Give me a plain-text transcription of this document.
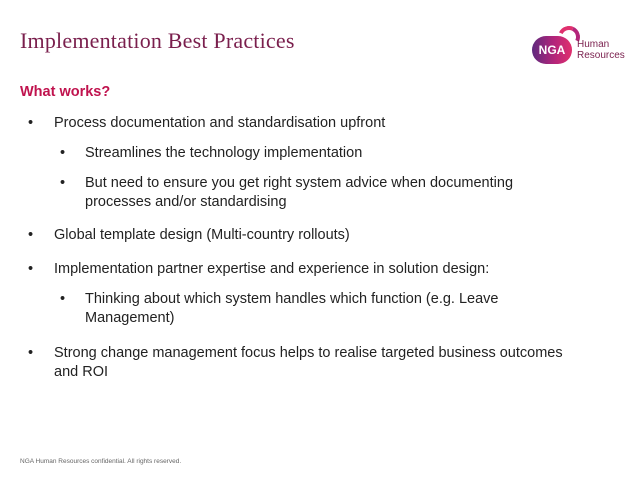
Implementation Best Practices	NGA	Human
Resources
What works?
• Process documentation and standardisation upfront
• Streamlines the technology implementation
• But need to ensure you get right system advice when documenting
processes and/or standardising
• Global template design (Multi-country rollouts)
• Implementation partner expertise and experience in solution design:
• Thinking about which system handles which function (e.g. Leave
Management)
• Strong change management focus helps to realise targeted business outcomes
and ROI
NGA Human Resources confidential. All rights reserved.
